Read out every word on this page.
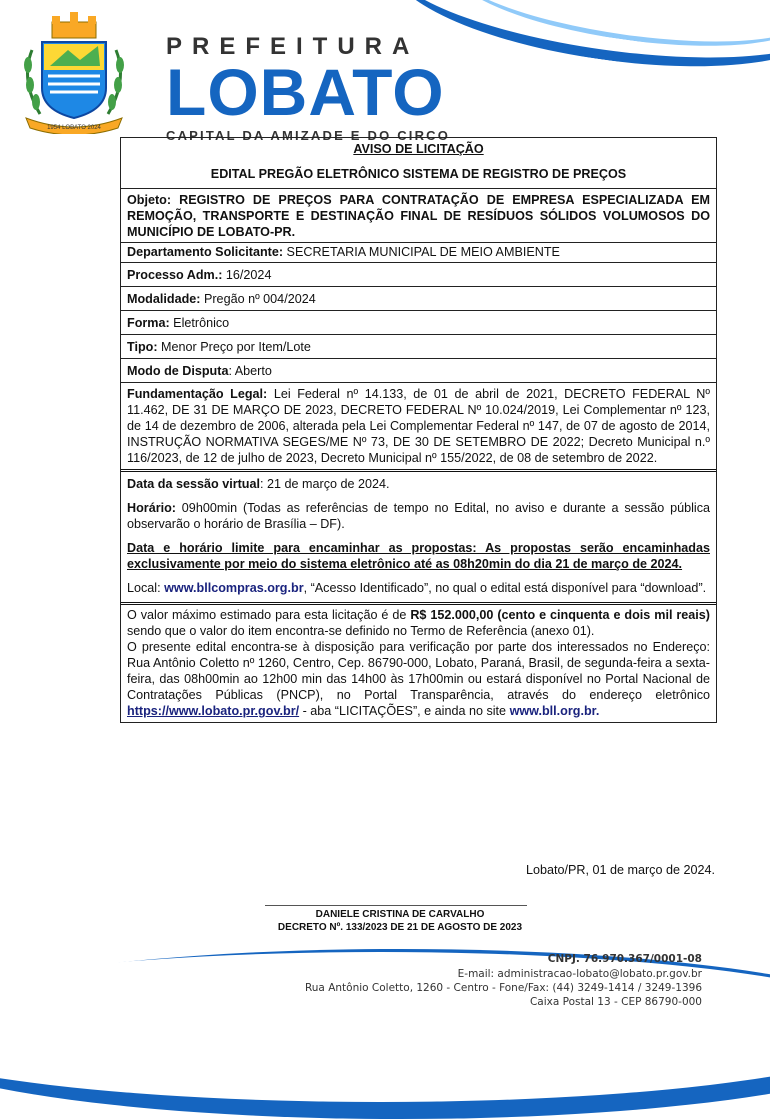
1954 LOBATO 2024
PREFEITURA
LOBATO
CAPITAL DA AMIZADE E DO CIRCO
AVISO DE LICITAÇÃO
EDITAL PREGÃO ELETRÔNICO SISTEMA DE REGISTRO DE PREÇOS
Objeto: REGISTRO DE PREÇOS PARA CONTRATAÇÃO DE EMPRESA ESPECIALIZADA EM REMOÇÃO, TRANSPORTE E DESTINAÇÃO FINAL DE RESÍDUOS SÓLIDOS VOLUMOSOS DO MUNICÍPIO DE LOBATO-PR.
Departamento Solicitante: SECRETARIA MUNICIPAL DE MEIO AMBIENTE
Processo Adm.: 16/2024
Modalidade: Pregão nº 004/2024
Forma: Eletrônico
Tipo: Menor Preço por Item/Lote
Modo de Disputa: Aberto
Fundamentação Legal: Lei Federal nº 14.133, de 01 de abril de 2021, DECRETO FEDERAL Nº 11.462, DE 31 DE MARÇO DE 2023, DECRETO FEDERAL Nº 10.024/2019, Lei Complementar nº 123, de 14 de dezembro de 2006, alterada pela Lei Complementar Federal nº 147, de 07 de agosto de 2014, INSTRUÇÃO NORMATIVA SEGES/ME Nº 73, DE 30 DE SETEMBRO DE 2022; Decreto Municipal n.º 116/2023, de 12 de julho de 2023, Decreto Municipal nº 155/2022, de 08 de setembro de 2022.
Data da sessão virtual: 21 de março de 2024.
Horário: 09h00min (Todas as referências de tempo no Edital, no aviso e durante a sessão pública observarão o horário de Brasília – DF).
Data e horário limite para encaminhar as propostas: As propostas serão encaminhadas exclusivamente por meio do sistema eletrônico até as 08h20min do dia 21 de março de 2024.
Local: www.bllcompras.org.br, “Acesso Identificado”, no qual o edital está disponível para “download”.
O valor máximo estimado para esta licitação é de R$ 152.000,00 (cento e cinquenta e dois mil reais) sendo que o valor do item encontra-se definido no Termo de Referência (anexo 01).
O presente edital encontra-se à disposição para verificação por parte dos interessados no Endereço: Rua Antônio Coletto nº 1260, Centro, Cep. 86790-000, Lobato, Paraná, Brasil, de segunda-feira a sexta-feira, das 08h00min ao 12h00 min das 14h00 às 17h00min ou estará disponível no Portal Nacional de Contratações Públicas (PNCP), no Portal Transparência, através do endereço eletrônico https://www.lobato.pr.gov.br/ - aba “LICITAÇÕES”, e ainda no site www.bll.org.br.
Lobato/PR, 01 de março de 2024.
DANIELE CRISTINA DE CARVALHO
DECRETO Nº. 133/2023 DE 21 DE AGOSTO DE 2023
CNPJ. 76.970.367/0001-08
E-mail: administracao-lobato@lobato.pr.gov.br
Rua Antônio Coletto, 1260 - Centro - Fone/Fax: (44) 3249-1414 / 3249-1396
Caixa Postal 13 - CEP 86790-000
